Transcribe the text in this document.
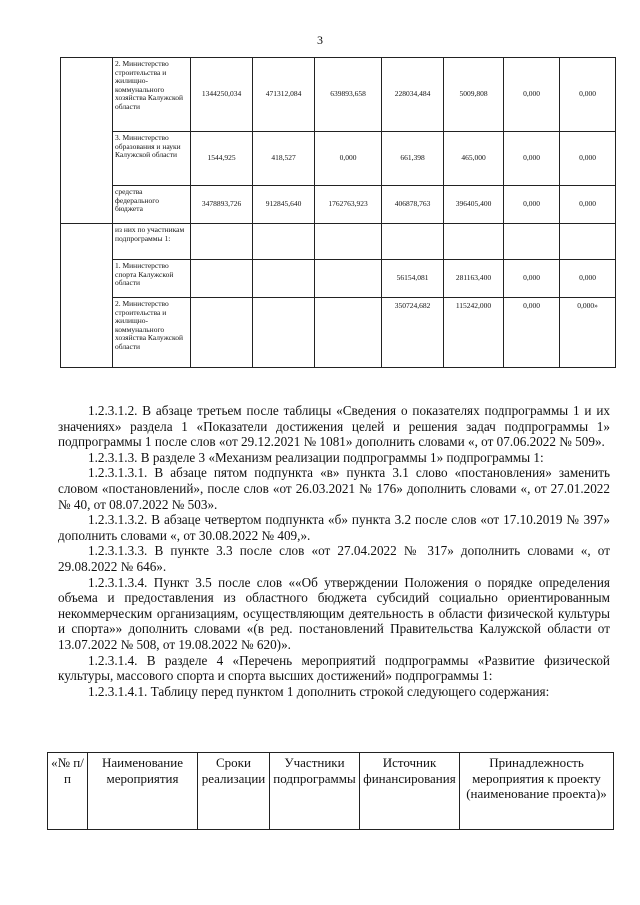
3
	2. Министерство строительства и жилищно-коммунального хозяйства Калужской области	1344250,034	471312,084	639893,658	228034,484	5009,808	0,000	0,000
	3. Министерство образования и науки Калужской области	1544,925	418,527	0,000	661,398	465,000	0,000	0,000
	средства федерального бюджета	3478893,726	912845,640	1762763,923	406878,763	396405,400	0,000	0,000
	из них по участникам подпрограммы 1:							
	1. Министерство спорта Калужской области				56154,081	281163,400	0,000	0,000
	2. Министерство строительства и жилищно-коммунального хозяйства Калужской области				350724,682	115242,000	0,000	0,000»

1.2.3.1.2. В абзаце третьем после таблицы «Сведения о показателях подпрограммы 1 и их значениях» раздела 1 «Показатели достижения целей и решения задач подпрограммы 1» подпрограммы 1 после слов «от 29.12.2021 № 1081» дополнить словами «, от 07.06.2022 № 509».

1.2.3.1.3. В разделе 3 «Механизм реализации подпрограммы 1» подпрограммы 1:

1.2.3.1.3.1. В абзаце пятом подпункта «в» пункта 3.1 слово «постановления» заменить словом «постановлений», после слов «от 26.03.2021 № 176» дополнить словами «, от 27.01.2022 № 40, от 08.07.2022 № 503».

1.2.3.1.3.2. В абзаце четвертом подпункта «б» пункта 3.2 после слов «от 17.10.2019 № 397» дополнить словами «, от 30.08.2022 № 409,».

1.2.3.1.3.3. В пункте 3.3 после слов «от 27.04.2022 № 317» дополнить словами «, от 29.08.2022 № 646».

1.2.3.1.3.4. Пункт 3.5 после слов ««Об утверждении Положения о порядке определения объема и предоставления из областного бюджета субсидий социально ориентированным некоммерческим организациям, осуществляющим деятельность в области физической культуры и спорта»» дополнить словами «(в ред. постановлений Правительства Калужской области от 13.07.2022 № 508, от 19.08.2022 № 620)».

1.2.3.1.4. В разделе 4 «Перечень мероприятий подпрограммы «Развитие физической культуры, массового спорта и спорта высших достижений» подпрограммы 1:

1.2.3.1.4.1. Таблицу перед пунктом 1 дополнить строкой следующего содержания:

«№ п/п	Наименование мероприятия	Сроки реализации	Участники подпрограммы	Источник финансирования	Принадлежность мероприятия к проекту (наименование проекта)»
